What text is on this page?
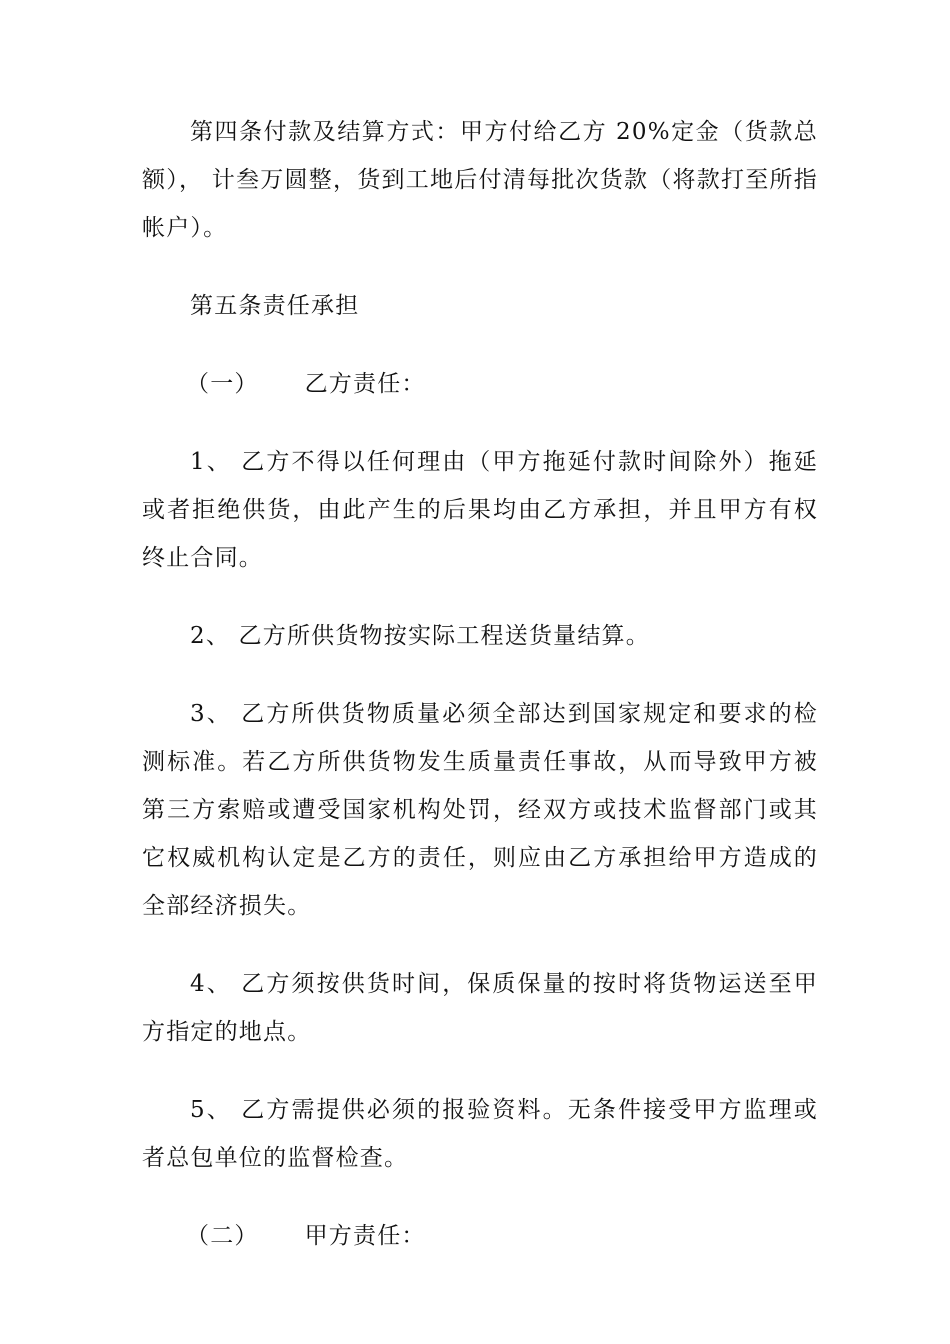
第四条付款及结算方式：甲方付给乙方 20%定金（货款总额）， 计叁万圆整，货到工地后付清每批次货款（将款打至所指帐户）。

第五条责任承担

（一） 乙方责任：

1、 乙方不得以任何理由（甲方拖延付款时间除外）拖延或者拒绝供货，由此产生的后果均由乙方承担，并且甲方有权终止合同。

2、 乙方所供货物按实际工程送货量结算。

3、 乙方所供货物质量必须全部达到国家规定和要求的检测标准。若乙方所供货物发生质量责任事故，从而导致甲方被第三方索赔或遭受国家机构处罚，经双方或技术监督部门或其它权威机构认定是乙方的责任，则应由乙方承担给甲方造成的全部经济损失。

4、 乙方须按供货时间，保质保量的按时将货物运送至甲方指定的地点。

5、 乙方需提供必须的报验资料。无条件接受甲方监理或者总包单位的监督检查。

（二） 甲方责任：
